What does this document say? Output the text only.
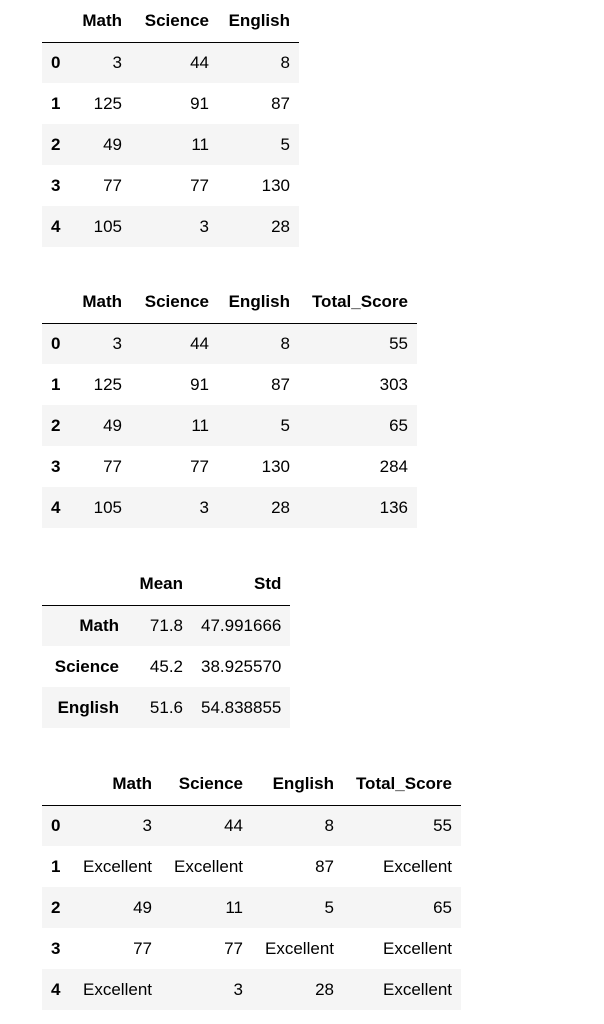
	Math	Science	English
0	3	44	8
1	125	91	87
2	49	11	5
3	77	77	130
4	105	3	28
	Math	Science	English	Total_Score
0	3	44	8	55
1	125	91	87	303
2	49	11	5	65
3	77	77	130	284
4	105	3	28	136
	Mean	Std
Math	71.8	47.991666
Science	45.2	38.925570
English	51.6	54.838855
	Math	Science	English	Total_Score
0	3	44	8	55
1	Excellent	Excellent	87	Excellent
2	49	11	5	65
3	77	77	Excellent	Excellent
4	Excellent	3	28	Excellent
